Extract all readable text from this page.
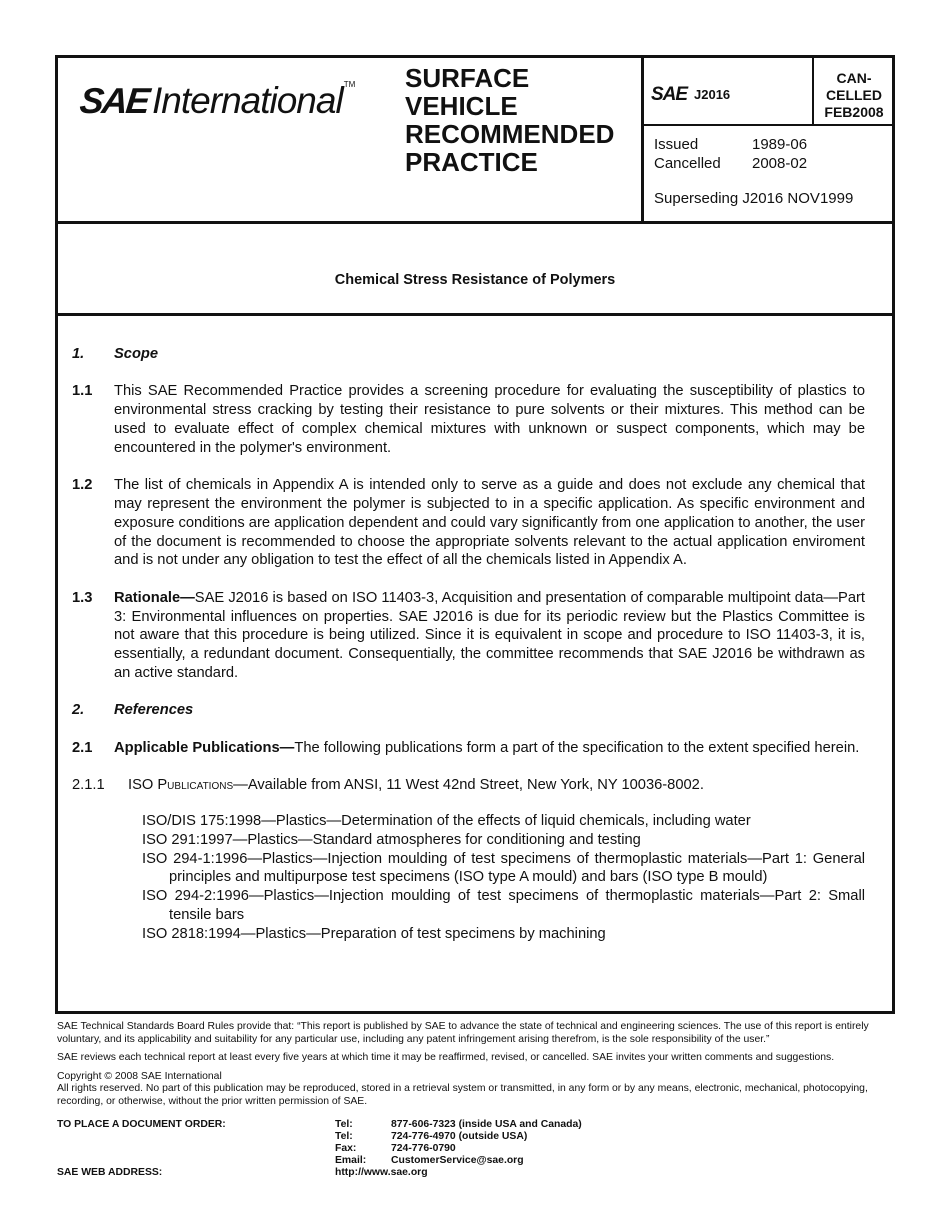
SAE International TM SURFACE
VEHICLE
RECOMMENDED
PRACTICE
SAE J2016
CAN-
CELLED
FEB2008
Issued	1989-06
Cancelled	2008-02
Superseding J2016 NOV1999
Chemical Stress Resistance of Polymers
1.	Scope
1.1	This SAE Recommended Practice provides a screening procedure for evaluating the susceptibility of plastics to environmental stress cracking by testing their resistance to pure solvents or their mixtures. This method can be used to evaluate effect of complex chemical mixtures with unknown or suspect components, which may be encountered in the polymer's environment.
1.2	The list of chemicals in Appendix A is intended only to serve as a guide and does not exclude any chemical that may represent the environment the polymer is subjected to in a specific application. As specific environment and exposure conditions are application dependent and could vary significantly from one application to another, the user of the document is recommended to choose the appropriate solvents relevant to the actual application enviroment and is not under any obligation to test the effect of all the chemicals listed in Appendix A.
1.3	Rationale—SAE J2016 is based on ISO 11403-3, Acquisition and presentation of comparable multipoint data—Part 3: Environmental influences on properties. SAE J2016 is due for its periodic review but the Plastics Committee is not aware that this procedure is being utilized. Since it is equivalent in scope and procedure to ISO 11403-3, it is, essentially, a redundant document. Consequentially, the committee recommends that SAE J2016 be withdrawn as an active standard.
2.	References
2.1	Applicable Publications—The following publications form a part of the specification to the extent specified herein.
2.1.1	ISO Publications—Available from ANSI, 11 West 42nd Street, New York, NY 10036-8002.
ISO/DIS 175:1998—Plastics—Determination of the effects of liquid chemicals, including water
ISO 291:1997—Plastics—Standard atmospheres for conditioning and testing
ISO 294-1:1996—Plastics—Injection moulding of test specimens of thermoplastic materials—Part 1: General principles and multipurpose test specimens (ISO type A mould) and bars (ISO type B mould)
ISO 294-2:1996—Plastics—Injection moulding of test specimens of thermoplastic materials—Part 2: Small tensile bars
ISO 2818:1994—Plastics—Preparation of test specimens by machining

SAE Technical Standards Board Rules provide that: “This report is published by SAE to advance the state of technical and engineering sciences. The use of this report is entirely voluntary, and its applicability and suitability for any particular use, including any patent infringement arising therefrom, is the sole responsibility of the user.”

SAE reviews each technical report at least every five years at which time it may be reaffirmed, revised, or cancelled. SAE invites your written comments and suggestions.

Copyright © 2008 SAE International

All rights reserved. No part of this publication may be reproduced, stored in a retrieval system or transmitted, in any form or by any means, electronic, mechanical, photocopying, recording, or otherwise, without the prior written permission of SAE.

TO PLACE A DOCUMENT ORDER:	Tel:	877-606-7323 (inside USA and Canada)
Tel:	724-776-4970 (outside USA)
Fax:	724-776-0790
Email: CustomerService@sae.org
SAE WEB ADDRESS:	http://www.sae.org
